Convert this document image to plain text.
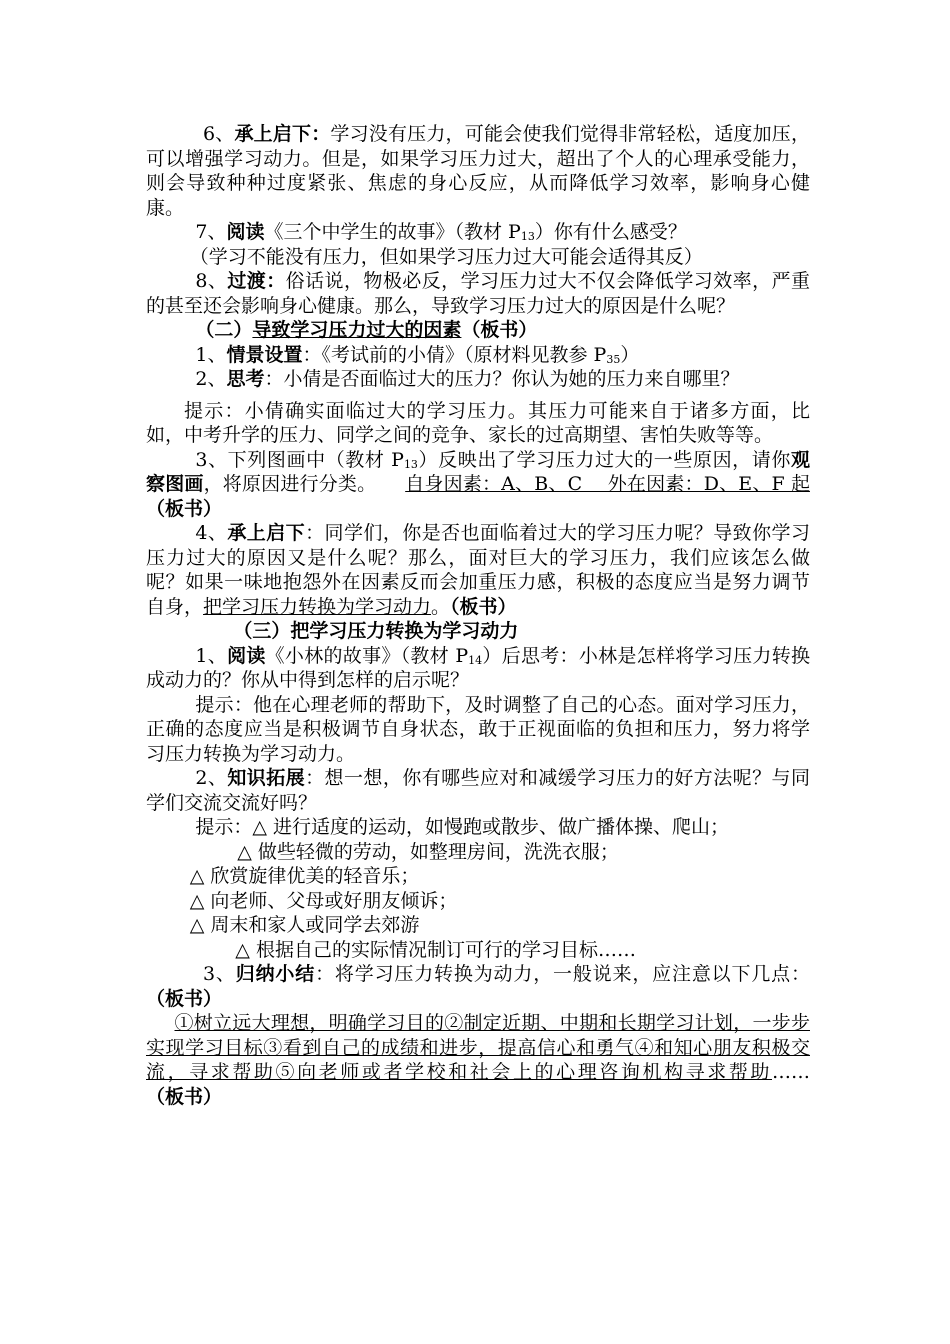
6、承上启下：学习没有压力，可能会使我们觉得非常轻松，适度加压，可以增强学习动力。但是，如果学习压力过大，超出了个人的心理承受能力，则会导致种种过度紧张、焦虑的身心反应，从而降低学习效率，影响身心健康。

7、阅读《三个中学生的故事》（教材 $P_{13}$）你有什么感受？

（学习不能没有压力，但如果学习压力过大可能会适得其反）

8、过渡：俗话说，物极必反，学习压力过大不仅会降低学习效率，严重的甚至还会影响身心健康。那么，导致学习压力过大的原因是什么呢？

（二）导致学习压力过大的因素（板书）

1、情景设置：《考试前的小倩》（原材料见教参 $P_{35}$）

2、思考：小倩是否面临过大的压力？你认为她的压力来自哪里？

提示：小倩确实面临过大的学习压力。其压力可能来自于诸多方面，比如，中考升学的压力、同学之间的竞争、家长的过高期望、害怕失败等等。

3、下列图画中（教材 $P_{13}$）反映出了学习压力过大的一些原因，请你观察图画，将原因进行分类。　　 自身因素：A、B、C　 外在因素：D、E、F 起　（板书）

4、承上启下：同学们，你是否也面临着过大的学习压力呢？导致你学习压力过大的原因又是什么呢？那么，面对巨大的学习压力，我们应该怎么做呢？如果一味地抱怨外在因素反而会加重压力感，积极的态度应当是努力调节自身，把学习压力转换为学习动力。（板书）

（三）把学习压力转换为学习动力

1、阅读《小林的故事》（教材 $P_{14}$）后思考：小林是怎样将学习压力转换成动力的？你从中得到怎样的启示呢？

提示：他在心理老师的帮助下，及时调整了自己的心态。面对学习压力，正确的态度应当是积极调节自身状态，敢于正视面临的负担和压力，努力将学习压力转换为学习动力。

2、知识拓展：想一想，你有哪些应对和减缓学习压力的好方法呢？与同学们交流交流好吗？

提示：△ 进行适度的运动，如慢跑或散步、做广播体操、爬山；

△ 做些轻微的劳动，如整理房间，洗洗衣服；

△ 欣赏旋律优美的轻音乐；

△ 向老师、父母或好朋友倾诉；

△ 周末和家人或同学去郊游

△ 根据自己的实际情况制订可行的学习目标……

3、归纳小结：将学习压力转换为动力，一般说来，应注意以下几点：（板书）

①树立远大理想，明确学习目的②制定近期、中期和长期学习计划，一步步实现学习目标③看到自己的成绩和进步，提高信心和勇气④和知心朋友积极交流，寻求帮助⑤向老师或者学校和社会上的心理咨询机构寻求帮助……（板书）
